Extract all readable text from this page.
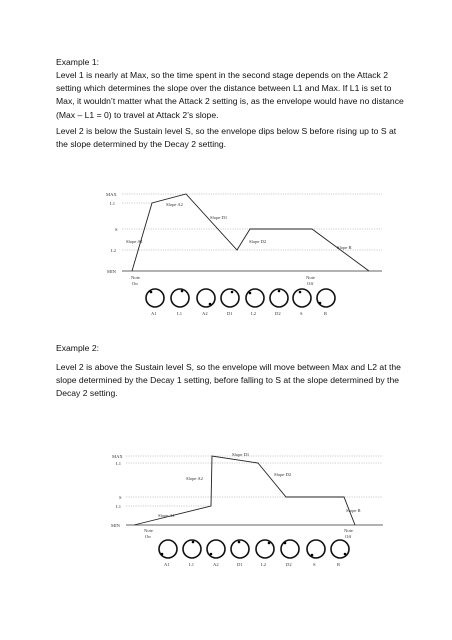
Example 1:
Level 1 is nearly at Max, so the time spent in the second stage depends on the Attack 2 setting which determines the slope over the distance between L1 and Max. If L1 is set to Max, it wouldn’t matter what the Attack 2 setting is, as the envelope would have no distance (Max – L1 = 0) to travel at Attack 2’s slope.
Level 2 is below the Sustain level S, so the envelope dips below S before rising up to S at the slope determined by the Decay 2 setting.
Example 2:
Level 2 is above the Sustain level S, so the envelope will move between Max and L2 at the slope determined by the Decay 1 setting, before falling to S at the slope determined by the Decay 2 setting.
MAX
L1
S
L2
MIN
Slope A1
Slope A2
Slope D1
Slope D2
Slope R
Note
On
Note
Off
A1	L1	A2	D1	L2	D2	S	R
MAX
L1
S
L1
MIN
Slope A1
Slope A2
Slope D1
Slope D2
Slope R
Note
On
Note
Off
A1	L1	A2	D1	L2	D2	S	R
